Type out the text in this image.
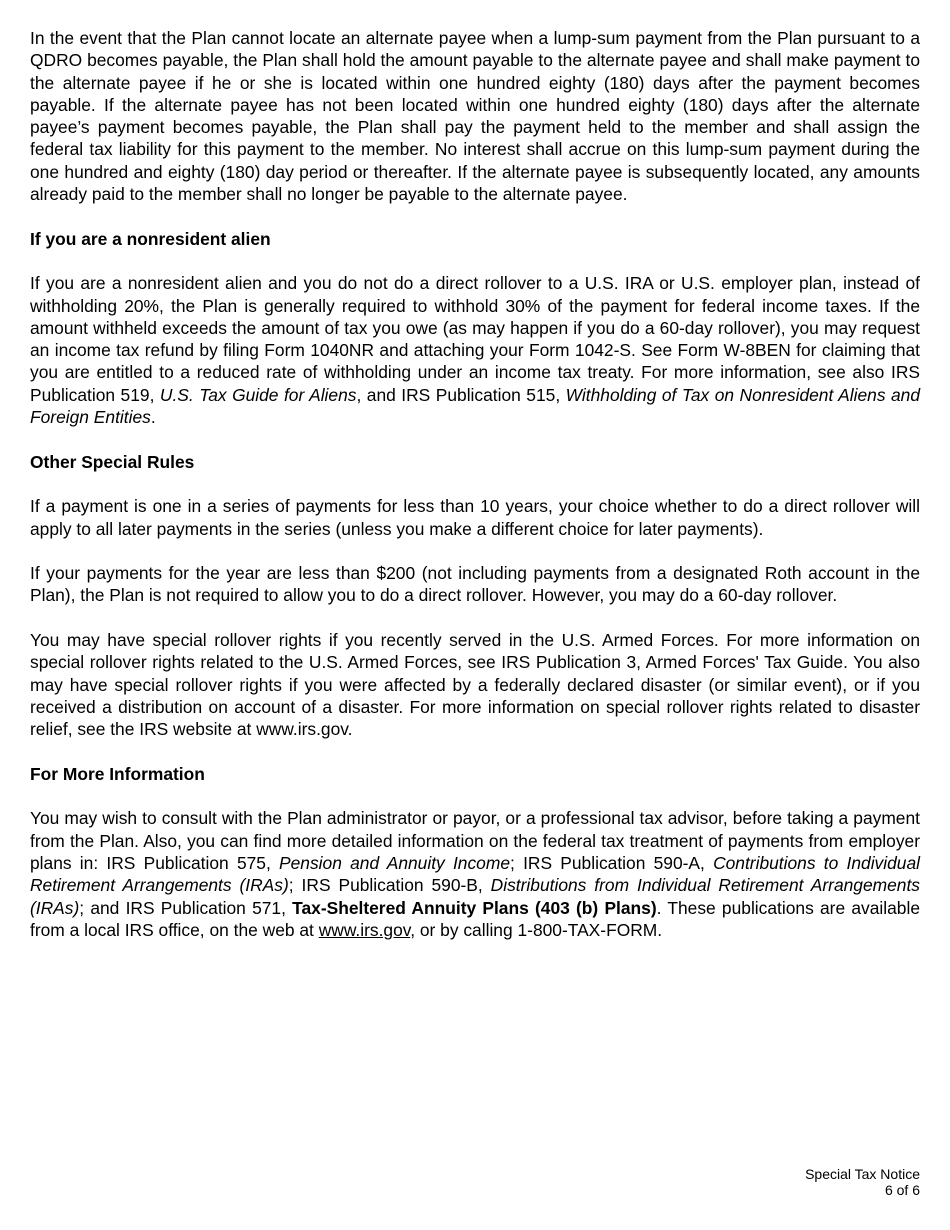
In the event that the Plan cannot locate an alternate payee when a lump-sum payment from the Plan pursuant to a QDRO becomes payable, the Plan shall hold the amount payable to the alternate payee and shall make payment to the alternate payee if he or she is located within one hundred eighty (180) days after the payment becomes payable. If the alternate payee has not been located within one hundred eighty (180) days after the alternate payee’s payment becomes payable, the Plan shall pay the payment held to the member and shall assign the federal tax liability for this payment to the member. No interest shall accrue on this lump-sum payment during the one hundred and eighty (180) day period or thereafter. If the alternate payee is subsequently located, any amounts already paid to the member shall no longer be payable to the alternate payee.

If you are a nonresident alien

If you are a nonresident alien and you do not do a direct rollover to a U.S. IRA or U.S. employer plan, instead of withholding 20%, the Plan is generally required to withhold 30% of the payment for federal income taxes. If the amount withheld exceeds the amount of tax you owe (as may happen if you do a 60-day rollover), you may request an income tax refund by filing Form 1040NR and attaching your Form 1042-S. See Form W-8BEN for claiming that you are entitled to a reduced rate of withholding under an income tax treaty. For more information, see also IRS Publication 519, U.S. Tax Guide for Aliens, and IRS Publication 515, Withholding of Tax on Nonresident Aliens and Foreign Entities.

Other Special Rules

If a payment is one in a series of payments for less than 10 years, your choice whether to do a direct rollover will apply to all later payments in the series (unless you make a different choice for later payments).

If your payments for the year are less than $200 (not including payments from a designated Roth account in the Plan), the Plan is not required to allow you to do a direct rollover. However, you may do a 60-day rollover.

You may have special rollover rights if you recently served in the U.S. Armed Forces. For more information on special rollover rights related to the U.S. Armed Forces, see IRS Publication 3, Armed Forces' Tax Guide. You also may have special rollover rights if you were affected by a federally declared disaster (or similar event), or if you received a distribution on account of a disaster. For more information on special rollover rights related to disaster relief, see the IRS website at www.irs.gov.

For More Information

You may wish to consult with the Plan administrator or payor, or a professional tax advisor, before taking a payment from the Plan. Also, you can find more detailed information on the federal tax treatment of payments from employer plans in: IRS Publication 575, Pension and Annuity Income; IRS Publication 590-A, Contributions to Individual Retirement Arrangements (IRAs); IRS Publication 590-B, Distributions from Individual Retirement Arrangements (IRAs); and IRS Publication 571, Tax-Sheltered Annuity Plans (403 (b) Plans). These publications are available from a local IRS office, on the web at www.irs.gov, or by calling 1-800-TAX-FORM.

Special Tax Notice
6 of 6
